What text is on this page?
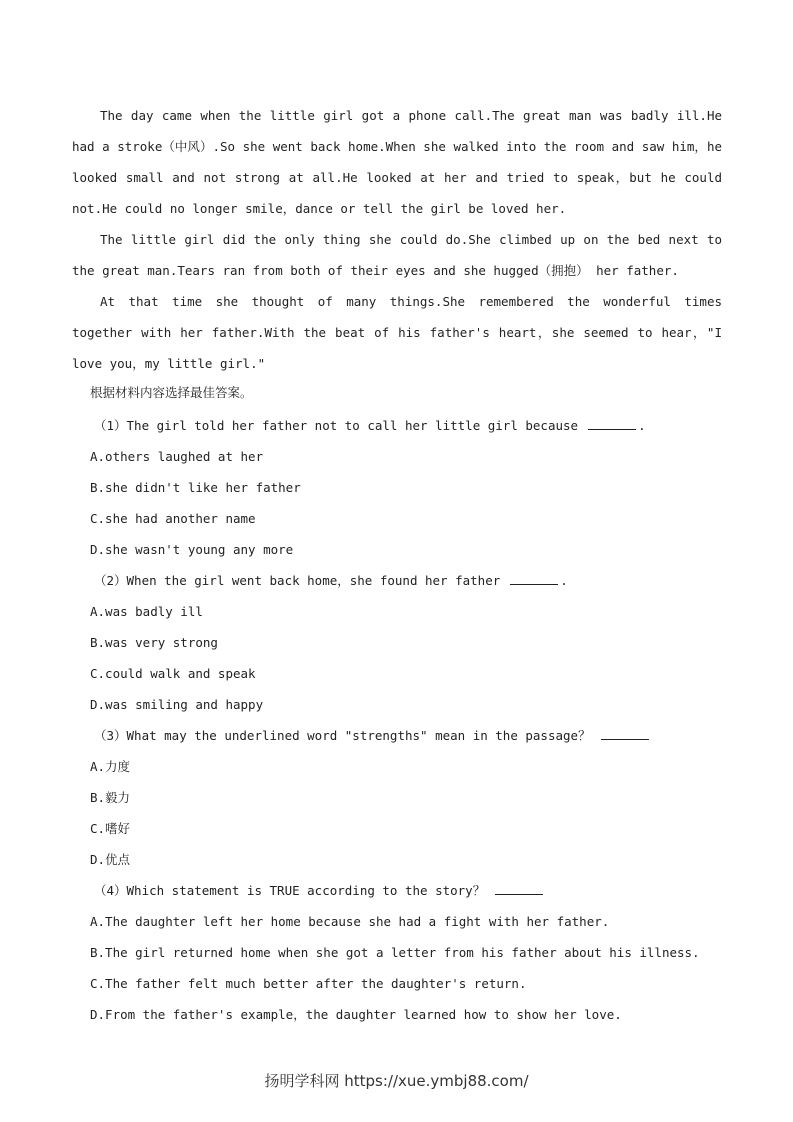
The day came when the little girl got a phone call.The great man was badly ill.He had a stroke（中风）.So she went back home.When she walked into the room and saw him，he looked small and not strong at all.He looked at her and tried to speak，but he could not.He could no longer smile，dance or tell the girl be loved her.

The little girl did the only thing she could do.She climbed up on the bed next to the great man.Tears ran from both of their eyes and she hugged（拥抱） her father.

At that time she thought of many things.She remembered the wonderful times together with her father.With the beat of his father's heart，she seemed to hear，"I love you，my little girl."

根据材料内容选择最佳答案。
（1）The girl told her father not to call her little girl because	.
A.others laughed at her
B.she didn't like her father
C.she had another name
D.she wasn't young any more
（2）When the girl went back home，she found her father	.
A.was badly ill
B.was very strong
C.could walk and speak
D.was smiling and happy
（3）What may the underlined word "strengths" mean in the passage？
A.力度
B.毅力
C.嗜好
D.优点
（4）Which statement is TRUE according to the story？
A.The daughter left her home because she had a fight with her father.
B.The girl returned home when she got a letter from his father about his illness.
C.The father felt much better after the daughter's return.
D.From the father's example，the daughter learned how to show her love.
扬明学科网 https://xue.ymbj88.com/
